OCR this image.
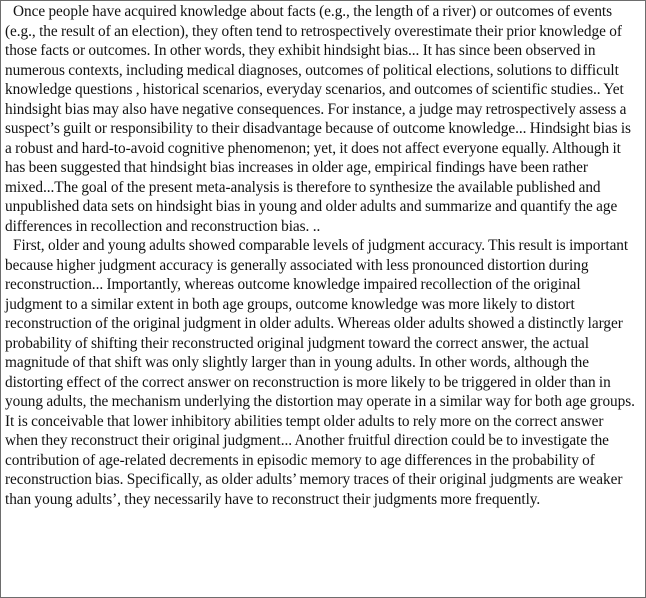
Once people have acquired knowledge about facts (e.g., the length of a river) or outcomes of events (e.g., the result of an election), they often tend to retrospectively overestimate their prior knowledge of those facts or outcomes. In other words, they exhibit hindsight bias... It has since been observed in numerous contexts, including medical diagnoses, outcomes of political elections, solutions to difficult knowledge questions , historical scenarios, everyday scenarios, and outcomes of scientific studies.. Yet hindsight bias may also have negative consequences. For instance, a judge may retrospectively assess a suspect’s guilt or responsibility to their disadvantage because of outcome knowledge... Hindsight bias is a robust and hard-to-avoid cognitive phenomenon; yet, it does not affect everyone equally. Although it has been suggested that hindsight bias increases in older age, empirical findings have been rather mixed...The goal of the present meta-analysis is therefore to synthesize the available published and unpublished data sets on hindsight bias in young and older adults and summarize and quantify the age differences in recollection and reconstruction bias. ..

First, older and young adults showed comparable levels of judgment accuracy. This result is important because higher judgment accuracy is generally associated with less pronounced distortion during reconstruction... Importantly, whereas outcome knowledge impaired recollection of the original judgment to a similar extent in both age groups, outcome knowledge was more likely to distort reconstruction of the original judgment in older adults. Whereas older adults showed a distinctly larger probability of shifting their reconstructed original judgment toward the correct answer, the actual magnitude of that shift was only slightly larger than in young adults. In other words, although the distorting effect of the correct answer on reconstruction is more likely to be triggered in older than in young adults, the mechanism underlying the distortion may operate in a similar way for both age groups. It is conceivable that lower inhibitory abilities tempt older adults to rely more on the correct answer when they reconstruct their original judgment... Another fruitful direction could be to investigate the contribution of age-related decrements in episodic memory to age differences in the probability of reconstruction bias. Specifically, as older adults’ memory traces of their original judgments are weaker than young adults’, they necessarily have to reconstruct their judgments more frequently.
